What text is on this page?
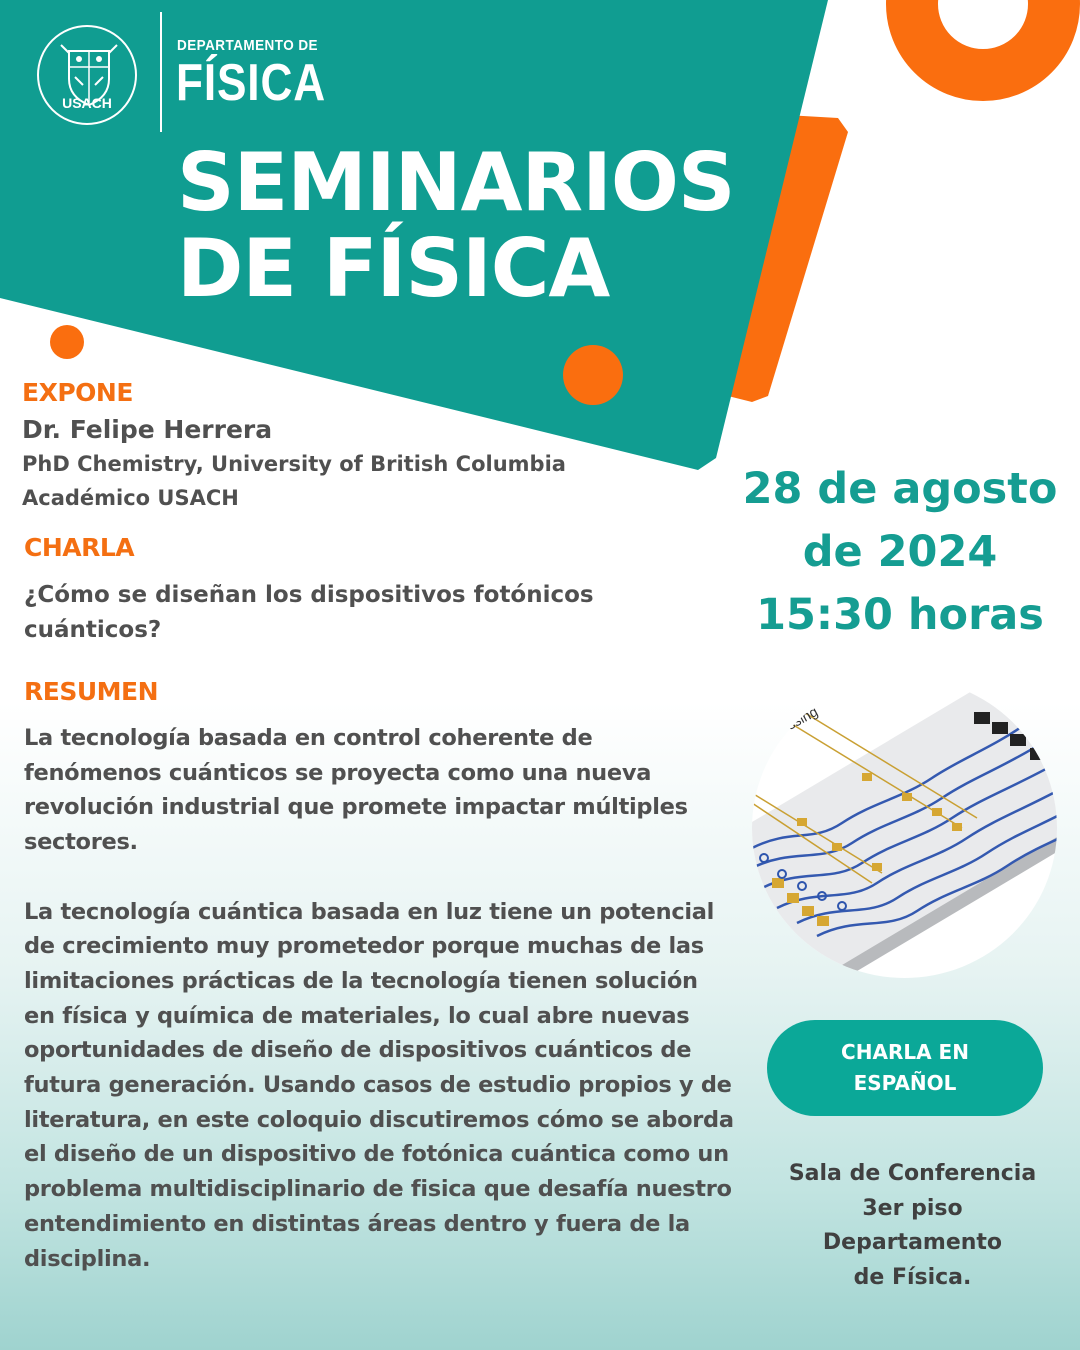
USACH
DEPARTAMENTO DE
FÍSICA
SEMINARIOS
DE FÍSICA
EXPONE
Dr. Felipe Herrera
PhD Chemistry, University of British Columbia
Académico USACH
CHARLA
¿Cómo se diseñan los dispositivos fotónicos cuánticos?
RESUMEN
La tecnología basada en control coherente de
fenómenos cuánticos se proyecta como una nueva
revolución industrial que promete impactar múltiples
sectores.
La tecnología cuántica basada en luz tiene un potencial
de crecimiento muy prometedor porque muchas de las
limitaciones prácticas de la tecnología tienen solución
en física y química de materiales, lo cual abre nuevas
oportunidades de diseño de dispositivos cuánticos de
futura generación. Usando casos de estudio propios y de
literatura, en este coloquio discutiremos cómo se aborda
el diseño de un dispositivo de fotónica cuántica como un
problema multidisciplinario de fisica que desafía nuestro
entendimiento en distintas áreas dentro y fuera de la
disciplina.
28 de agosto
de 2024
15:30 horas
ssing
CHARLA EN
ESPAÑOL
Sala de Conferencia
3er piso
Departamento
de Física.
